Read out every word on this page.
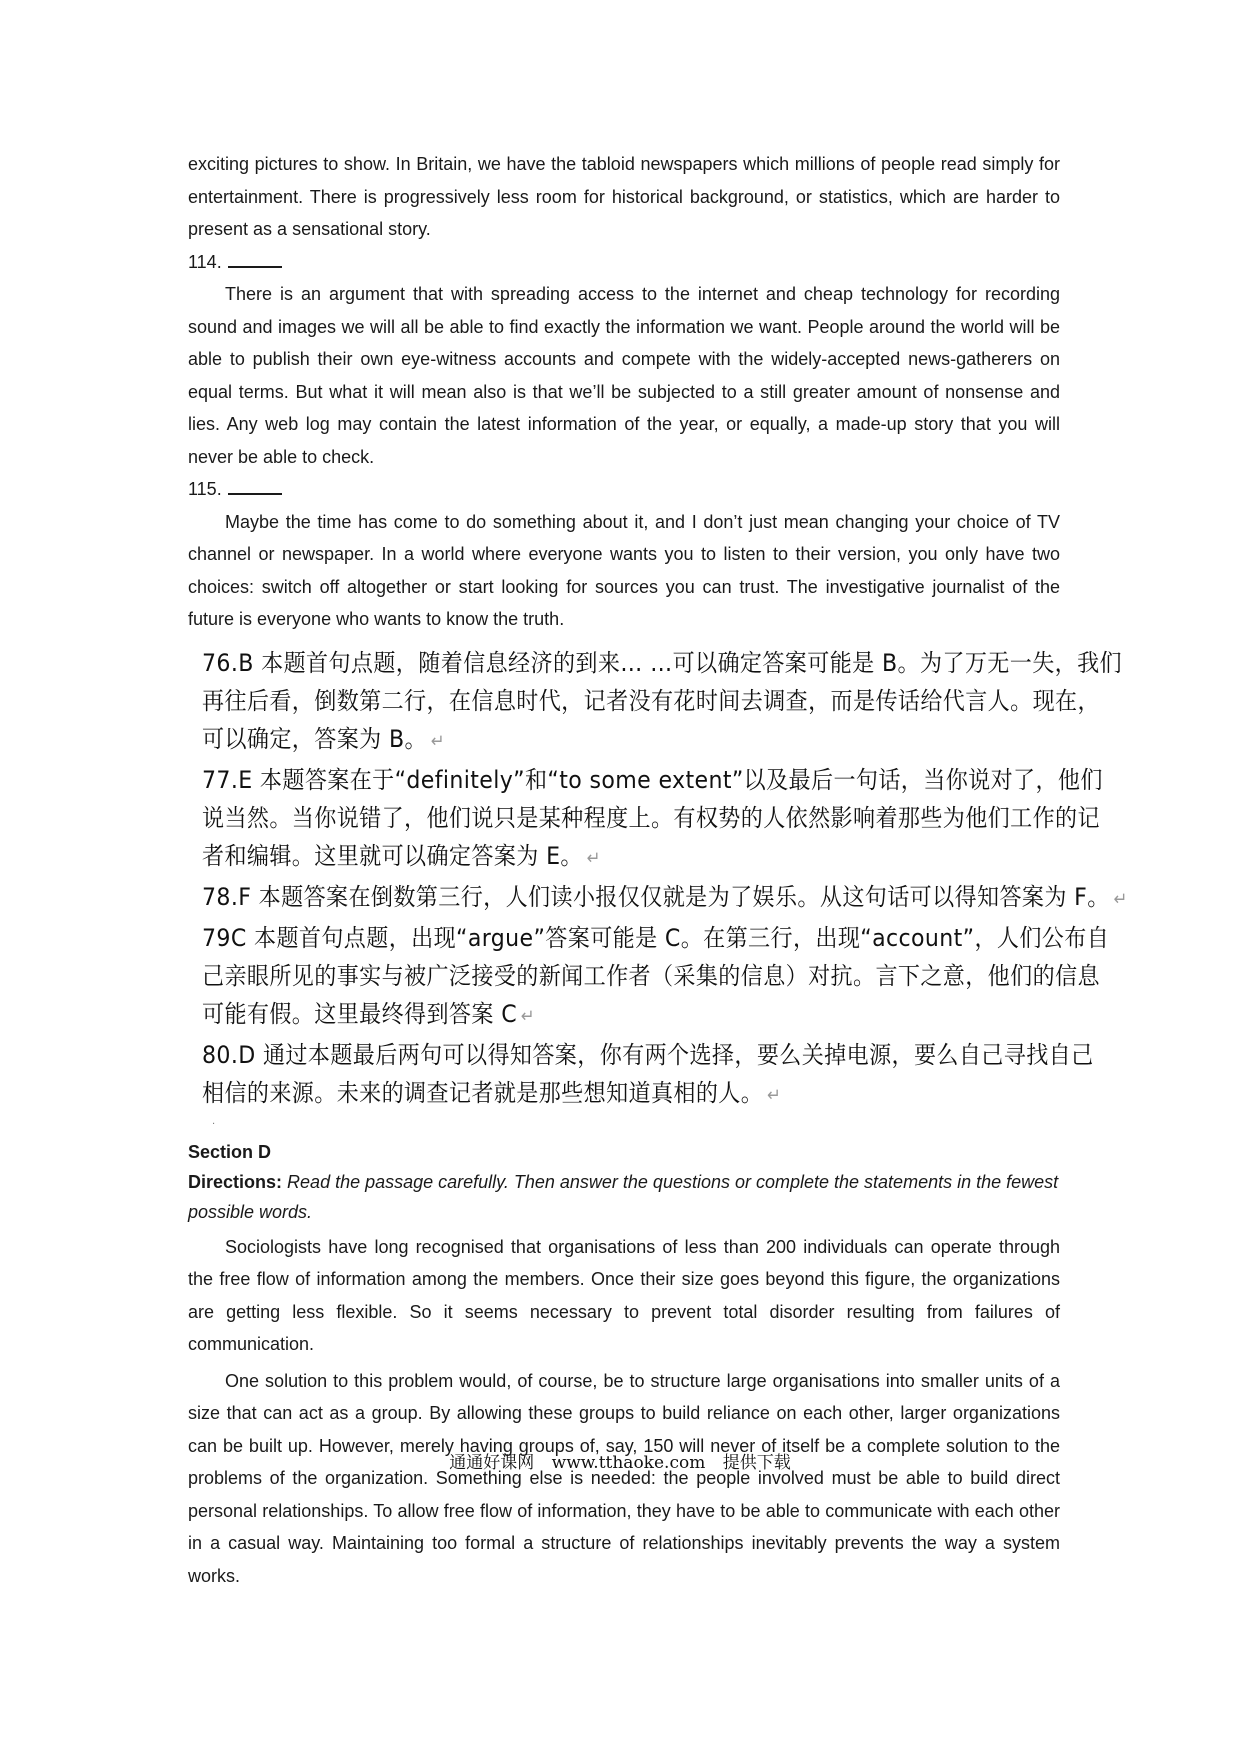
exciting pictures to show. In Britain, we have the tabloid newspapers which millions of people read simply for entertainment. There is progressively less room for historical background, or statistics, which are harder to present as a sensational story.

114.

There is an argument that with spreading access to the internet and cheap technology for recording sound and images we will all be able to find exactly the information we want. People around the world will be able to publish their own eye-witness accounts and compete with the widely-accepted news-gatherers on equal terms. But what it will mean also is that we’ll be subjected to a still greater amount of nonsense and lies. Any web log may contain the latest information of the year, or equally, a made-up story that you will never be able to check.

115.

Maybe the time has come to do something about it, and I don’t just mean changing your choice of TV channel or newspaper. In a world where everyone wants you to listen to their version, you only have two choices: switch off altogether or start looking for sources you can trust. The investigative journalist of the future is everyone who wants to know the truth.

76.B 本题首句点题，随着信息经济的到来… …可以确定答案可能是 B。为了万无一失，我们

再往后看，倒数第二行，在信息时代，记者没有花时间去调查，而是传话给代言人。现在，

可以确定，答案为 B。 ↵

77.E 本题答案在于“definitely”和“to some extent”以及最后一句话，当你说对了，他们

说当然。当你说错了，他们说只是某种程度上。有权势的人依然影响着那些为他们工作的记

者和编辑。这里就可以确定答案为 E。 ↵

78.F 本题答案在倒数第三行，人们读小报仅仅就是为了娱乐。从这句话可以得知答案为 F。 ↵

79C 本题首句点题，出现“argue”答案可能是 C。在第三行，出现“account”，人们公布自

己亲眼所见的事实与被广泛接受的新闻工作者（采集的信息）对抗。言下之意，他们的信息

可能有假。这里最终得到答案 C ↵

80.D 通过本题最后两句可以得知答案，你有两个选择，要么关掉电源，要么自己寻找自己

相信的来源。未来的调查记者就是那些想知道真相的人。 ↵

·

Section D

Directions: Read the passage carefully. Then answer the questions or complete the statements in the fewest possible words.

Sociologists have long recognised that organisations of less than 200 individuals can operate through the free flow of information among the members. Once their size goes beyond this figure, the organizations are getting less flexible. So it seems necessary to prevent total disorder resulting from failures of communication.

One solution to this problem would, of course, be to structure large organisations into smaller units of a size that can act as a group. By allowing these groups to build reliance on each other, larger organizations can be built up. However, merely having groups of, say, 150 will never of itself be a complete solution to the problems of the organization. Something else is needed: the people involved must be able to build direct personal relationships. To allow free flow of information, they have to be able to communicate with each other in a casual way. Maintaining too formal a structure of relationships inevitably prevents the way a system works.

通通好课网 www.tthaoke.com 提供下载
